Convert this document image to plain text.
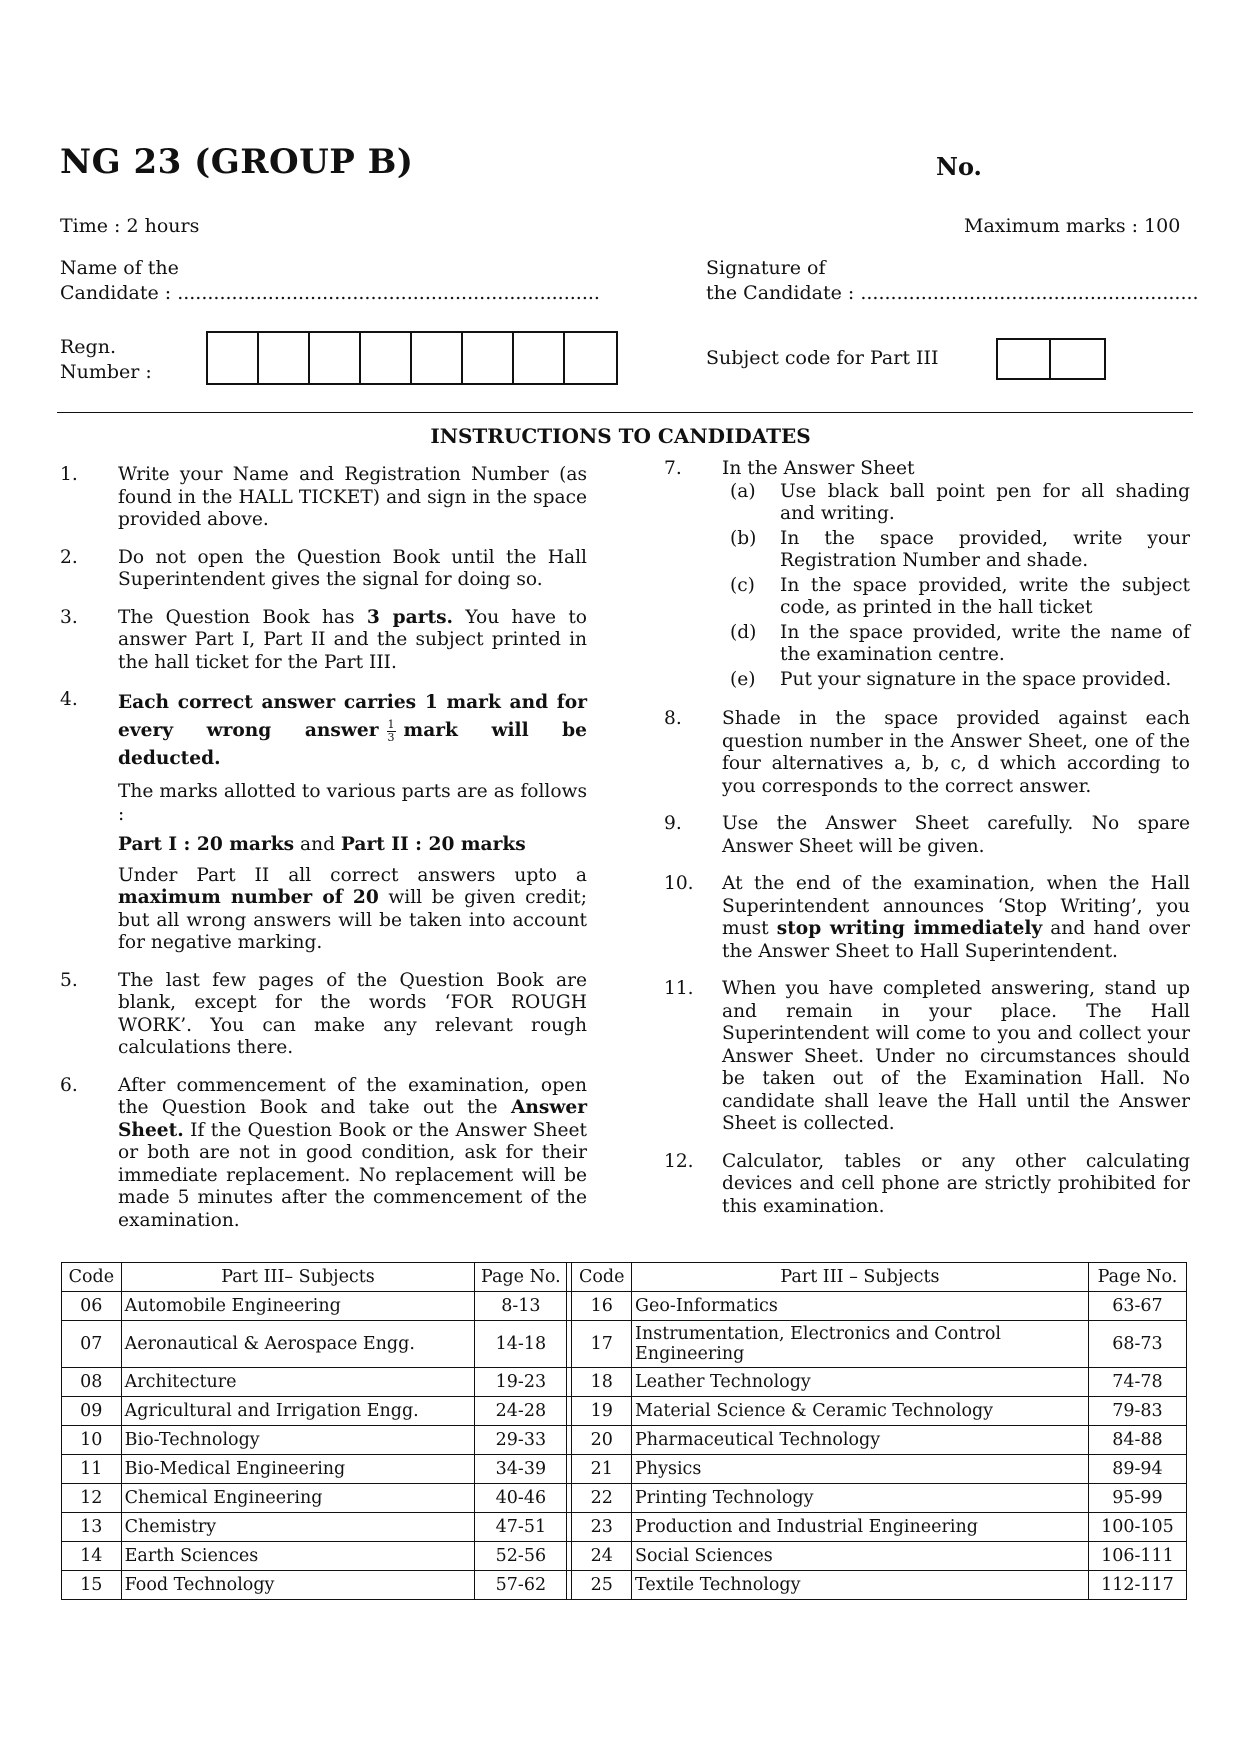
NG 23 (GROUP B)	No.
Time : 2 hours	Maximum marks : 100
Name of the
Candidate : ......................................................................
Signature of
the Candidate : ........................................................
Regn.
Number :
Subject code for Part III
INSTRUCTIONS TO CANDIDATES
1.	Write your Name and Registration Number (as found in the HALL TICKET) and sign in the space provided above.
2.	Do not open the Question Book until the Hall Superintendent gives the signal for doing so.
3.	The Question Book has 3 parts. You have to answer Part I, Part II and the subject printed in the hall ticket for the Part III.
4.	Each correct answer carries 1 mark and for every wrong answer $\frac{1}{3}$ mark will be deducted.

The marks allotted to various parts are as follows :

Part I : 20 marks and Part II : 20 marks

Under Part II all correct answers upto a maximum number of 20 will be given credit; but all wrong answers will be taken into account for negative marking.

5.	The last few pages of the Question Book are blank, except for the words ‘FOR ROUGH WORK’. You can make any relevant rough calculations there.
6.	After commencement of the examination, open the Question Book and take out the Answer Sheet. If the Question Book or the Answer Sheet or both are not in good condition, ask for their immediate replacement. No replacement will be made 5 minutes after the commencement of the examination.
7.	In the Answer Sheet

(a)	Use black ball point pen for all shading and writing.
(b)	In the space provided, write your Registration Number and shade.
(c)	In the space provided, write the subject code, as printed in the hall ticket
(d)	In the space provided, write the name of the examination centre.
(e)	Put your signature in the space provided.
8.	Shade in the space provided against each question number in the Answer Sheet, one of the four alternatives a, b, c, d which according to you corresponds to the correct answer.
9.	Use the Answer Sheet carefully. No spare Answer Sheet will be given.
10.	At the end of the examination, when the Hall Superintendent announces ‘Stop Writing’, you must stop writing immediately and hand over the Answer Sheet to Hall Superintendent.
11.	When you have completed answering, stand up and remain in your place. The Hall Superintendent will come to you and collect your Answer Sheet. Under no circumstances should be taken out of the Examination Hall. No candidate shall leave the Hall until the Answer Sheet is collected.
12.	Calculator, tables or any other calculating devices and cell phone are strictly prohibited for this examination.
Code	Part III– Subjects	Page No.		Code	Part III – Subjects	Page No.
06	Automobile Engineering	8-13		16	Geo-Informatics	63-67
07	Aeronautical & Aerospace Engg.	14-18		17	Instrumentation, Electronics and Control Engineering	68-73
08	Architecture	19-23		18	Leather Technology	74-78
09	Agricultural and Irrigation Engg.	24-28		19	Material Science & Ceramic Technology	79-83
10	Bio-Technology	29-33		20	Pharmaceutical Technology	84-88
11	Bio-Medical Engineering	34-39		21	Physics	89-94
12	Chemical Engineering	40-46		22	Printing Technology	95-99
13	Chemistry	47-51		23	Production and Industrial Engineering	100-105
14	Earth Sciences	52-56		24	Social Sciences	106-111
15	Food Technology	57-62		25	Textile Technology	112-117
